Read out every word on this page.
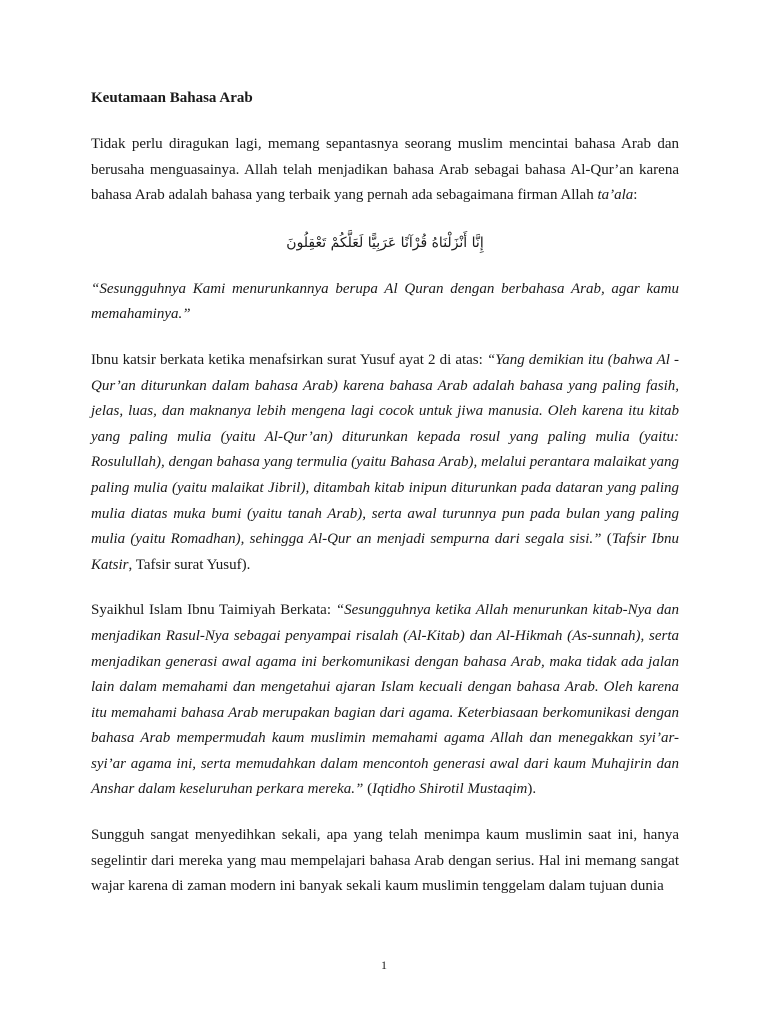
Keutamaan Bahasa Arab

Tidak perlu diragukan lagi, memang sepantasnya seorang muslim mencintai bahasa Arab dan berusaha menguasainya. Allah telah menjadikan bahasa Arab sebagai bahasa Al-Qur’an karena bahasa Arab adalah bahasa yang terbaik yang pernah ada sebagaimana firman Allah ta’ala:

إِنَّا أَنْزَلْنَاهُ قُرْآنًا عَرَبِيًّا لَعَلَّكُمْ تَعْقِلُونَ

“Sesungguhnya Kami menurunkannya berupa Al Quran dengan berbahasa Arab, agar kamu memahaminya.”

Ibnu katsir berkata ketika menafsirkan surat Yusuf ayat 2 di atas: “Yang demikian itu (bahwa Al -Qur’an diturunkan dalam bahasa Arab) karena bahasa Arab adalah bahasa yang paling fasih, jelas, luas, dan maknanya lebih mengena lagi cocok untuk jiwa manusia. Oleh karena itu kitab yang paling mulia (yaitu Al-Qur’an) diturunkan kepada rosul yang paling mulia (yaitu: Rosulullah), dengan bahasa yang termulia (yaitu Bahasa Arab), melalui perantara malaikat yang paling mulia (yaitu malaikat Jibril), ditambah kitab inipun diturunkan pada dataran yang paling mulia diatas muka bumi (yaitu tanah Arab), serta awal turunnya pun pada bulan yang paling mulia (yaitu Romadhan), sehingga Al-Qur an menjadi sempurna dari segala sisi.” (Tafsir Ibnu Katsir, Tafsir surat Yusuf).

Syaikhul Islam Ibnu Taimiyah Berkata: “Sesungguhnya ketika Allah menurunkan kitab-Nya dan menjadikan Rasul-Nya sebagai penyampai risalah (Al-Kitab) dan Al-Hikmah (As-sunnah), serta menjadikan generasi awal agama ini berkomunikasi dengan bahasa Arab, maka tidak ada jalan lain dalam memahami dan mengetahui ajaran Islam kecuali dengan bahasa Arab. Oleh karena itu memahami bahasa Arab merupakan bagian dari agama. Keterbiasaan berkomunikasi dengan bahasa Arab mempermudah kaum muslimin memahami agama Allah dan menegakkan syi’ar-syi’ar agama ini, serta memudahkan dalam mencontoh generasi awal dari kaum Muhajirin dan Anshar dalam keseluruhan perkara mereka.” (Iqtidho Shirotil Mustaqim).

Sungguh sangat menyedihkan sekali, apa yang telah menimpa kaum muslimin saat ini, hanya segelintir dari mereka yang mau mempelajari bahasa Arab dengan serius. Hal ini memang sangat wajar karena di zaman modern ini banyak sekali kaum muslimin tenggelam dalam tujuan dunia

1
